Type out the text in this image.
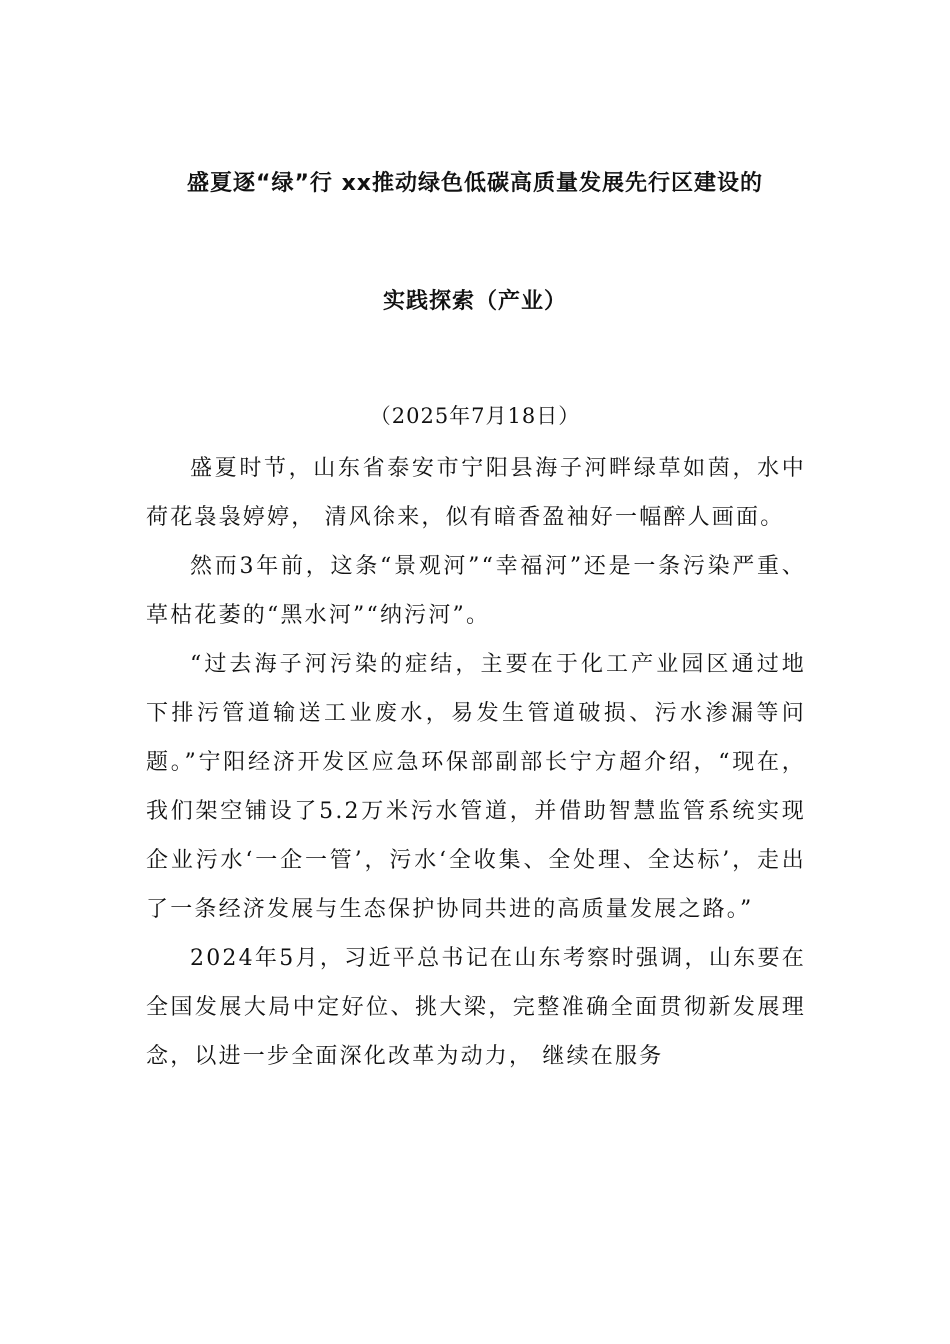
盛夏逐“绿”行 xx推动绿色低碳高质量发展先行区建设的
实践探索（产业）
（2025年7月18日）

盛夏时节，山东省泰安市宁阳县海子河畔绿草如茵，水中荷花袅袅婷婷， 清风徐来，似有暗香盈袖好一幅醉人画面。

然而3年前，这条“景观河”“幸福河”还是一条污染严重、草枯花萎的“黑水河”“纳污河”。

“过去海子河污染的症结，主要在于化工产业园区通过地下排污管道输送工业废水，易发生管道破损、污水渗漏等问题。”宁阳经济开发区应急环保部副部长宁方超介绍，“现在，我们架空铺设了5.2万米污水管道，并借助智慧监管系统实现企业污水‘一企一管’，污水‘全收集、全处理、全达标’，走出了一条经济发展与生态保护协同共进的高质量发展之路。”

2024年5月，习近平总书记在山东考察时强调，山东要在全国发展大局中定好位、挑大梁，完整准确全面贯彻新发展理念，以进一步全面深化改革为动力， 继续在服务
